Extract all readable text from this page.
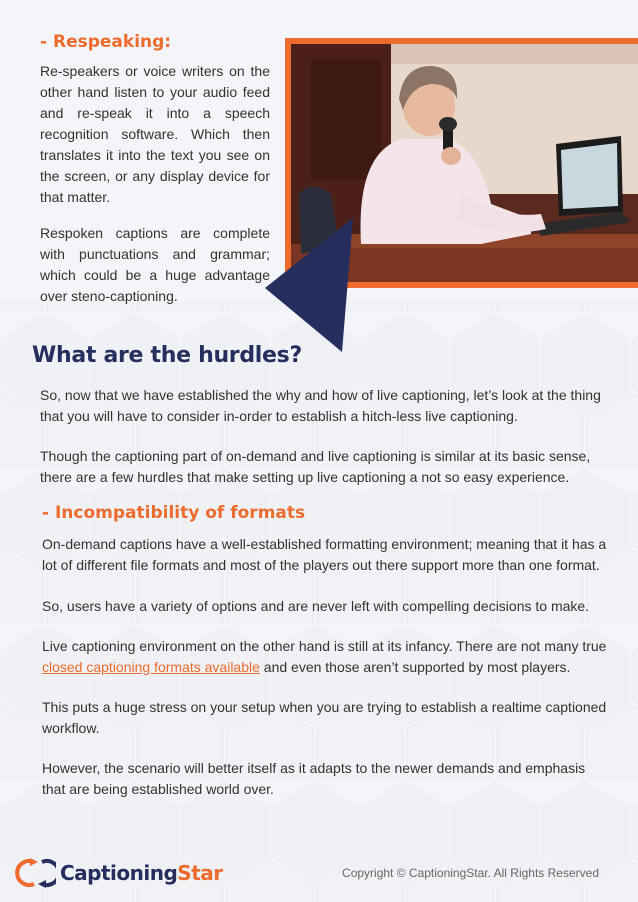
- Respeaking:

Re-speakers or voice writers on the other hand listen to your audio feed and re-speak it into a speech recognition software. Which then translates it into the text you see on the screen, or any display device for that matter.

Respoken captions are complete with punctuations and grammar; which could be a huge advantage over steno-captioning.

What are the hurdles?

So, now that we have established the why and how of live captioning, let’s look at the thing that you will have to consider in-order to establish a hitch-less live captioning.

Though the captioning part of on-demand and live captioning is similar at its basic sense, there are a few hurdles that make setting up live captioning a not so easy experience.

- Incompatibility of formats

On-demand captions have a well-established formatting environment; meaning that it has a lot of different file formats and most of the players out there support more than one format.

So, users have a variety of options and are never left with compelling decisions to make.

Live captioning environment on the other hand is still at its infancy. There are not many true closed captioning formats available and even those aren’t supported by most players.

This puts a huge stress on your setup when you are trying to establish a realtime captioned workflow.

However, the scenario will better itself as it adapts to the newer demands and emphasis that are being established world over.

CaptioningStar	Copyright © CaptioningStar. All Rights Reserved
